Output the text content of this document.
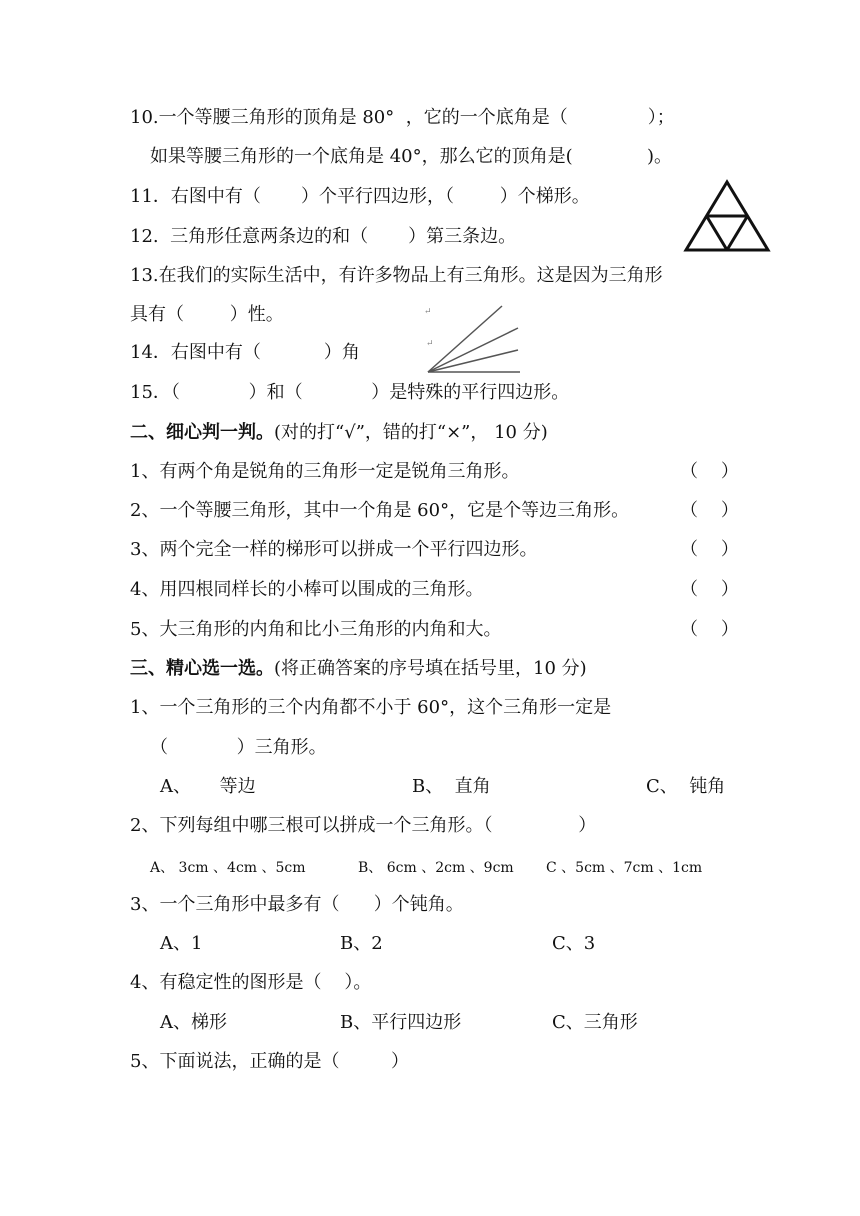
10.一个等腰三角形的顶角是 80°  ，它的一个底角是（              ）；
如果等腰三角形的一个底角是 40°，那么它的顶角是(             )。
11．右图中有（       ）个平行四边形，（        ）个梯形。
12.  三角形任意两条边的和（       ）第三条边。
13.在我们的实际生活中，有许多物品上有三角形。这是因为三角形
具有（        ）性。
14．右图中有（           ）角
15．（            ）和（            ）是特殊的平行四边形。
↵
↵
二、细心判一判。(对的打“√”，错的打“×”， 10 分)
1、有两个角是锐角的三角形一定是锐角三角形。	（    ）
2、一个等腰三角形，其中一个角是 60°，它是个等边三角形。	（    ）
3、两个完全一样的梯形可以拼成一个平行四边形。	（    ）
4、用四根同样长的小棒可以围成的三角形。	（    ）
5、大三角形的内角和比小三角形的内角和大。	（    ）
三、精心选一选。(将正确答案的序号填在括号里，10 分)
1、一个三角形的三个内角都不小于 60°，这个三角形一定是
（            ）三角形。
A、     等边	B、  直角	C、  钝角
2、下列每组中哪三根可以拼成一个三角形。（               ）
A、 3cm 、4cm 、5cm	B、 6cm 、2cm 、9cm C 、5cm 、7cm 、1cm
3、一个三角形中最多有（      ）个钝角。
A、1	B、2	C、3
4、有稳定性的图形是（    ）。
A、梯形	B、平行四边形	C、三角形
5、下面说法，正确的是（         ）
